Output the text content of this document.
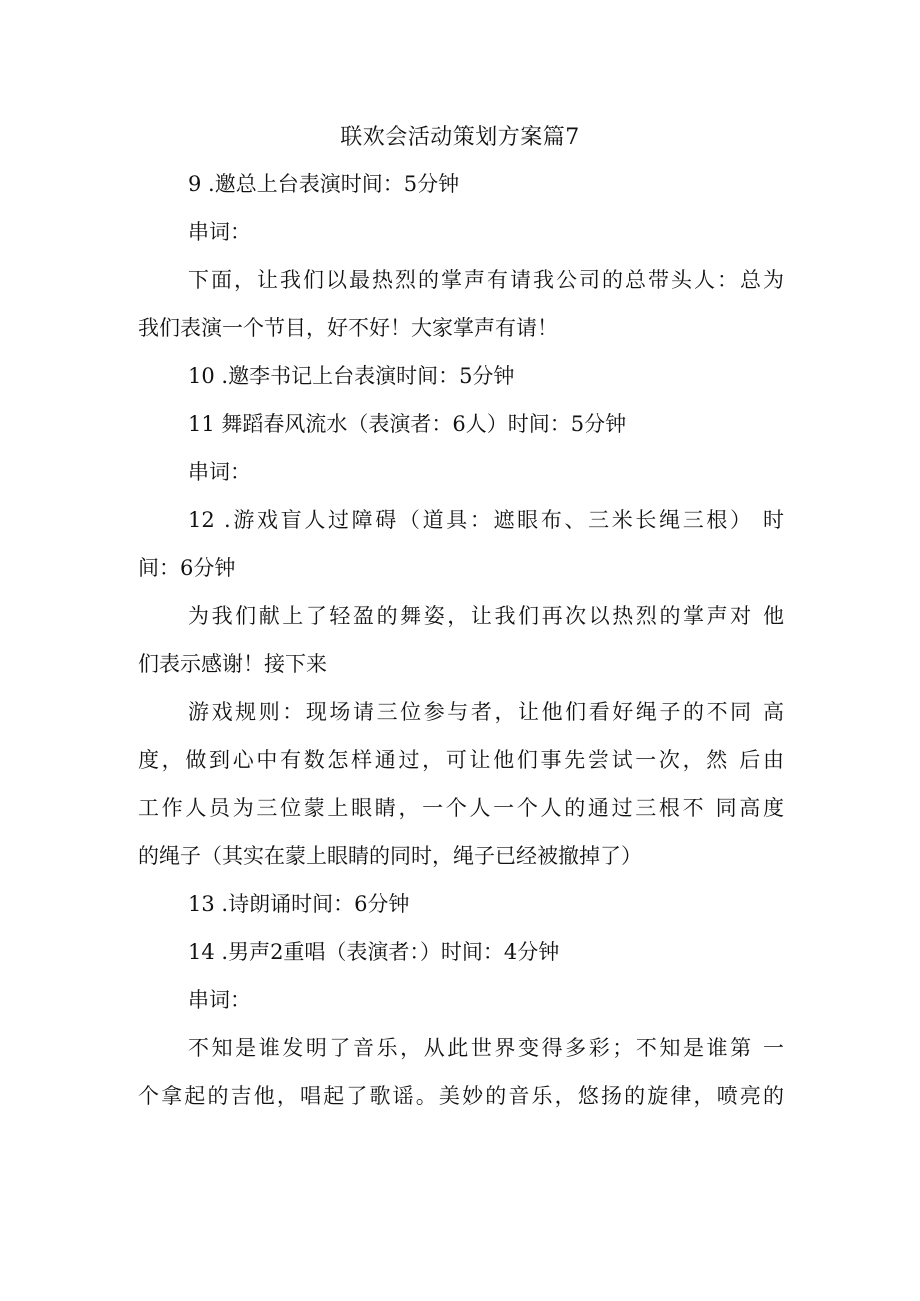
联欢会活动策划方案篇7
9 .邀总上台表演时间：5分钟
串词：
下面，让我们以最热烈的掌声有请我公司的总带头人：总为
我们表演一个节目，好不好！大家掌声有请！
10 .邀李书记上台表演时间：5分钟
11 舞蹈春风流水（表演者：6人）时间：5分钟
串词：
12 .游戏盲人过障碍（道具：遮眼布、三米长绳三根） 时
间：6分钟
为我们献上了轻盈的舞姿，让我们再次以热烈的掌声对 他
们表示感谢！接下来
游戏规则：现场请三位参与者，让他们看好绳子的不同 高
度，做到心中有数怎样通过，可让他们事先尝试一次，然 后由
工作人员为三位蒙上眼睛，一个人一个人的通过三根不 同高度
的绳子（其实在蒙上眼睛的同时，绳子已经被撤掉了）
13 .诗朗诵时间：6分钟
14 .男声2重唱（表演者：）时间：4分钟
串词：
不知是谁发明了音乐，从此世界变得多彩；不知是谁第 一
个拿起的吉他，唱起了歌谣。美妙的音乐，悠扬的旋律，喷亮的
